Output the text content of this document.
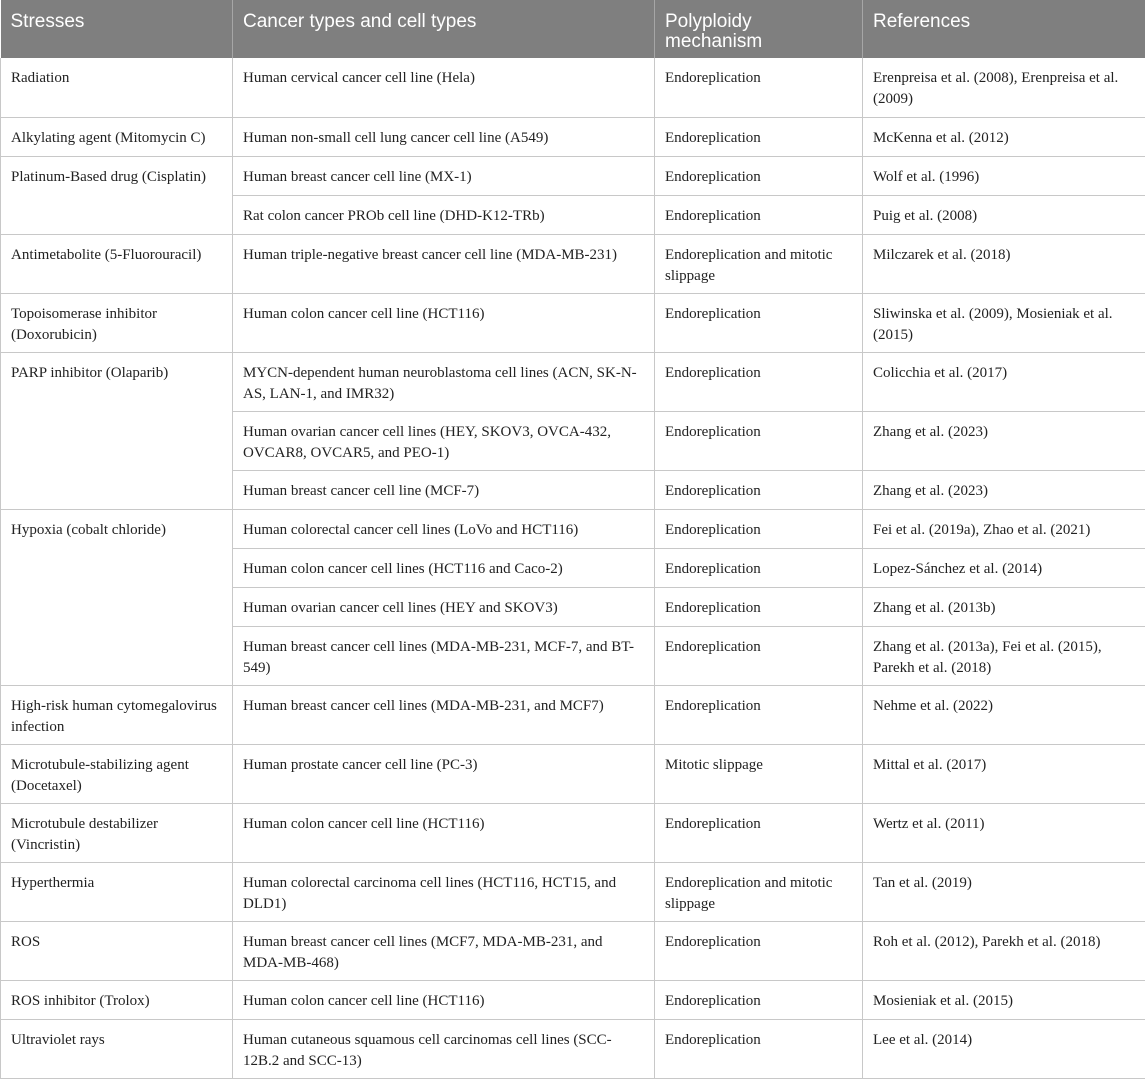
Stresses	Cancer types and cell types	Polyploidy mechanism	References
Radiation	Human cervical cancer cell line (Hela)	Endoreplication	Erenpreisa et al. (2008), Erenpreisa et al. (2009)
Alkylating agent (Mitomycin C)	Human non-small cell lung cancer cell line (A549)	Endoreplication	McKenna et al. (2012)
Platinum-Based drug (Cisplatin)	Human breast cancer cell line (MX-1)	Endoreplication	Wolf et al. (1996)
	Rat colon cancer PROb cell line (DHD-K12-TRb)	Endoreplication	Puig et al. (2008)
Antimetabolite (5-Fluorouracil)	Human triple-negative breast cancer cell line (MDA-MB-231)	Endoreplication and mitotic slippage	Milczarek et al. (2018)
Topoisomerase inhibitor (Doxorubicin)	Human colon cancer cell line (HCT116)	Endoreplication	Sliwinska et al. (2009), Mosieniak et al. (2015)
PARP inhibitor (Olaparib)	MYCN-dependent human neuroblastoma cell lines (ACN, SK-N-AS, LAN-1, and IMR32)	Endoreplication	Colicchia et al. (2017)
	Human ovarian cancer cell lines (HEY, SKOV3, OVCA-432, OVCAR8, OVCAR5, and PEO-1)	Endoreplication	Zhang et al. (2023)
	Human breast cancer cell line (MCF-7)	Endoreplication	Zhang et al. (2023)
Hypoxia (cobalt chloride)	Human colorectal cancer cell lines (LoVo and HCT116)	Endoreplication	Fei et al. (2019a), Zhao et al. (2021)
	Human colon cancer cell lines (HCT116 and Caco-2)	Endoreplication	Lopez-Sánchez et al. (2014)
	Human ovarian cancer cell lines (HEY and SKOV3)	Endoreplication	Zhang et al. (2013b)
	Human breast cancer cell lines (MDA-MB-231, MCF-7, and BT-549)	Endoreplication	Zhang et al. (2013a), Fei et al. (2015), Parekh et al. (2018)
High-risk human cytomegalovirus infection	Human breast cancer cell lines (MDA-MB-231, and MCF7)	Endoreplication	Nehme et al. (2022)
Microtubule-stabilizing agent (Docetaxel)	Human prostate cancer cell line (PC-3)	Mitotic slippage	Mittal et al. (2017)
Microtubule destabilizer (Vincristin)	Human colon cancer cell line (HCT116)	Endoreplication	Wertz et al. (2011)
Hyperthermia	Human colorectal carcinoma cell lines (HCT116, HCT15, and DLD1)	Endoreplication and mitotic slippage	Tan et al. (2019)
ROS	Human breast cancer cell lines (MCF7, MDA-MB-231, and MDA-MB-468)	Endoreplication	Roh et al. (2012), Parekh et al. (2018)
ROS inhibitor (Trolox)	Human colon cancer cell line (HCT116)	Endoreplication	Mosieniak et al. (2015)
Ultraviolet rays	Human cutaneous squamous cell carcinomas cell lines (SCC-12B.2 and SCC-13)	Endoreplication	Lee et al. (2014)
